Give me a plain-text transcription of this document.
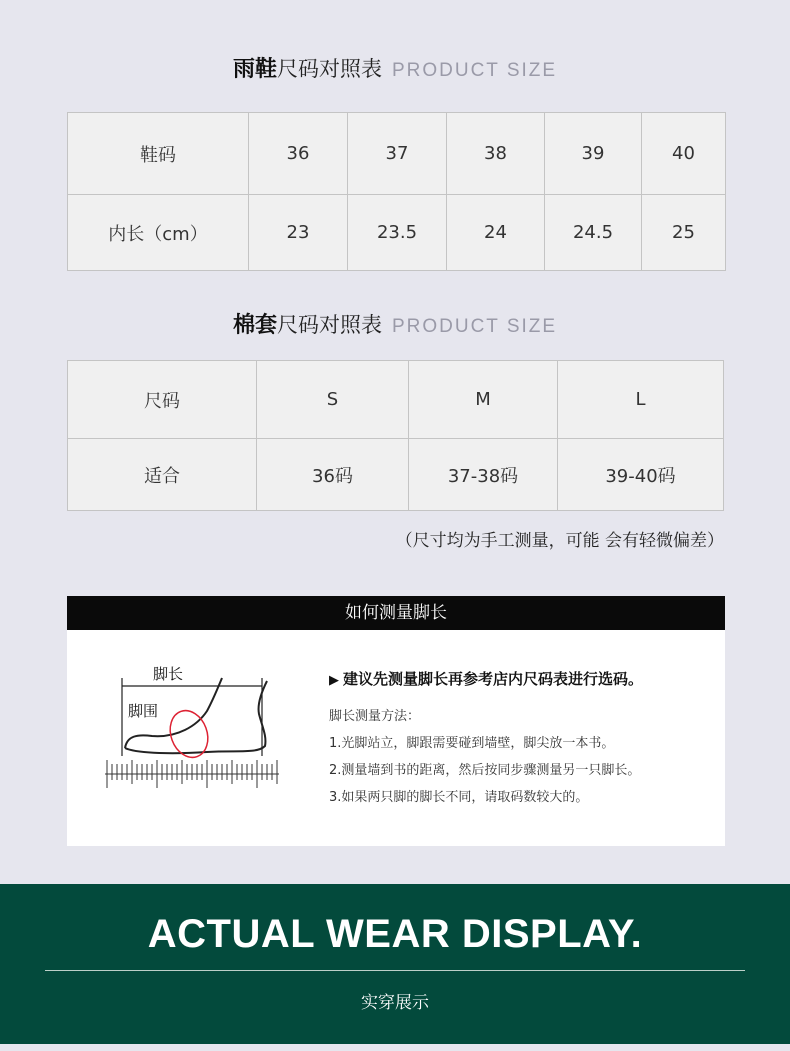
雨鞋尺码对照表 PRODUCT SIZE
鞋码	36	37	38	39	40
内长（cm）	23	23.5	24	24.5	25
棉套尺码对照表 PRODUCT SIZE
尺码	S	M	L
适合	36码	37-38码	39-40码
（尺寸均为手工测量，可能 会有轻微偏差）
如何测量脚长
脚长
脚围
▶ 建议先测量脚长再参考店内尺码表进行选码。
脚长测量方法：
1.光脚站立，脚跟需要碰到墙壁，脚尖放一本书。
2.测量墙到书的距离，然后按同步骤测量另一只脚长。
3.如果两只脚的脚长不同，请取码数较大的。
ACTUAL WEAR DISPLAY.
实穿展示
